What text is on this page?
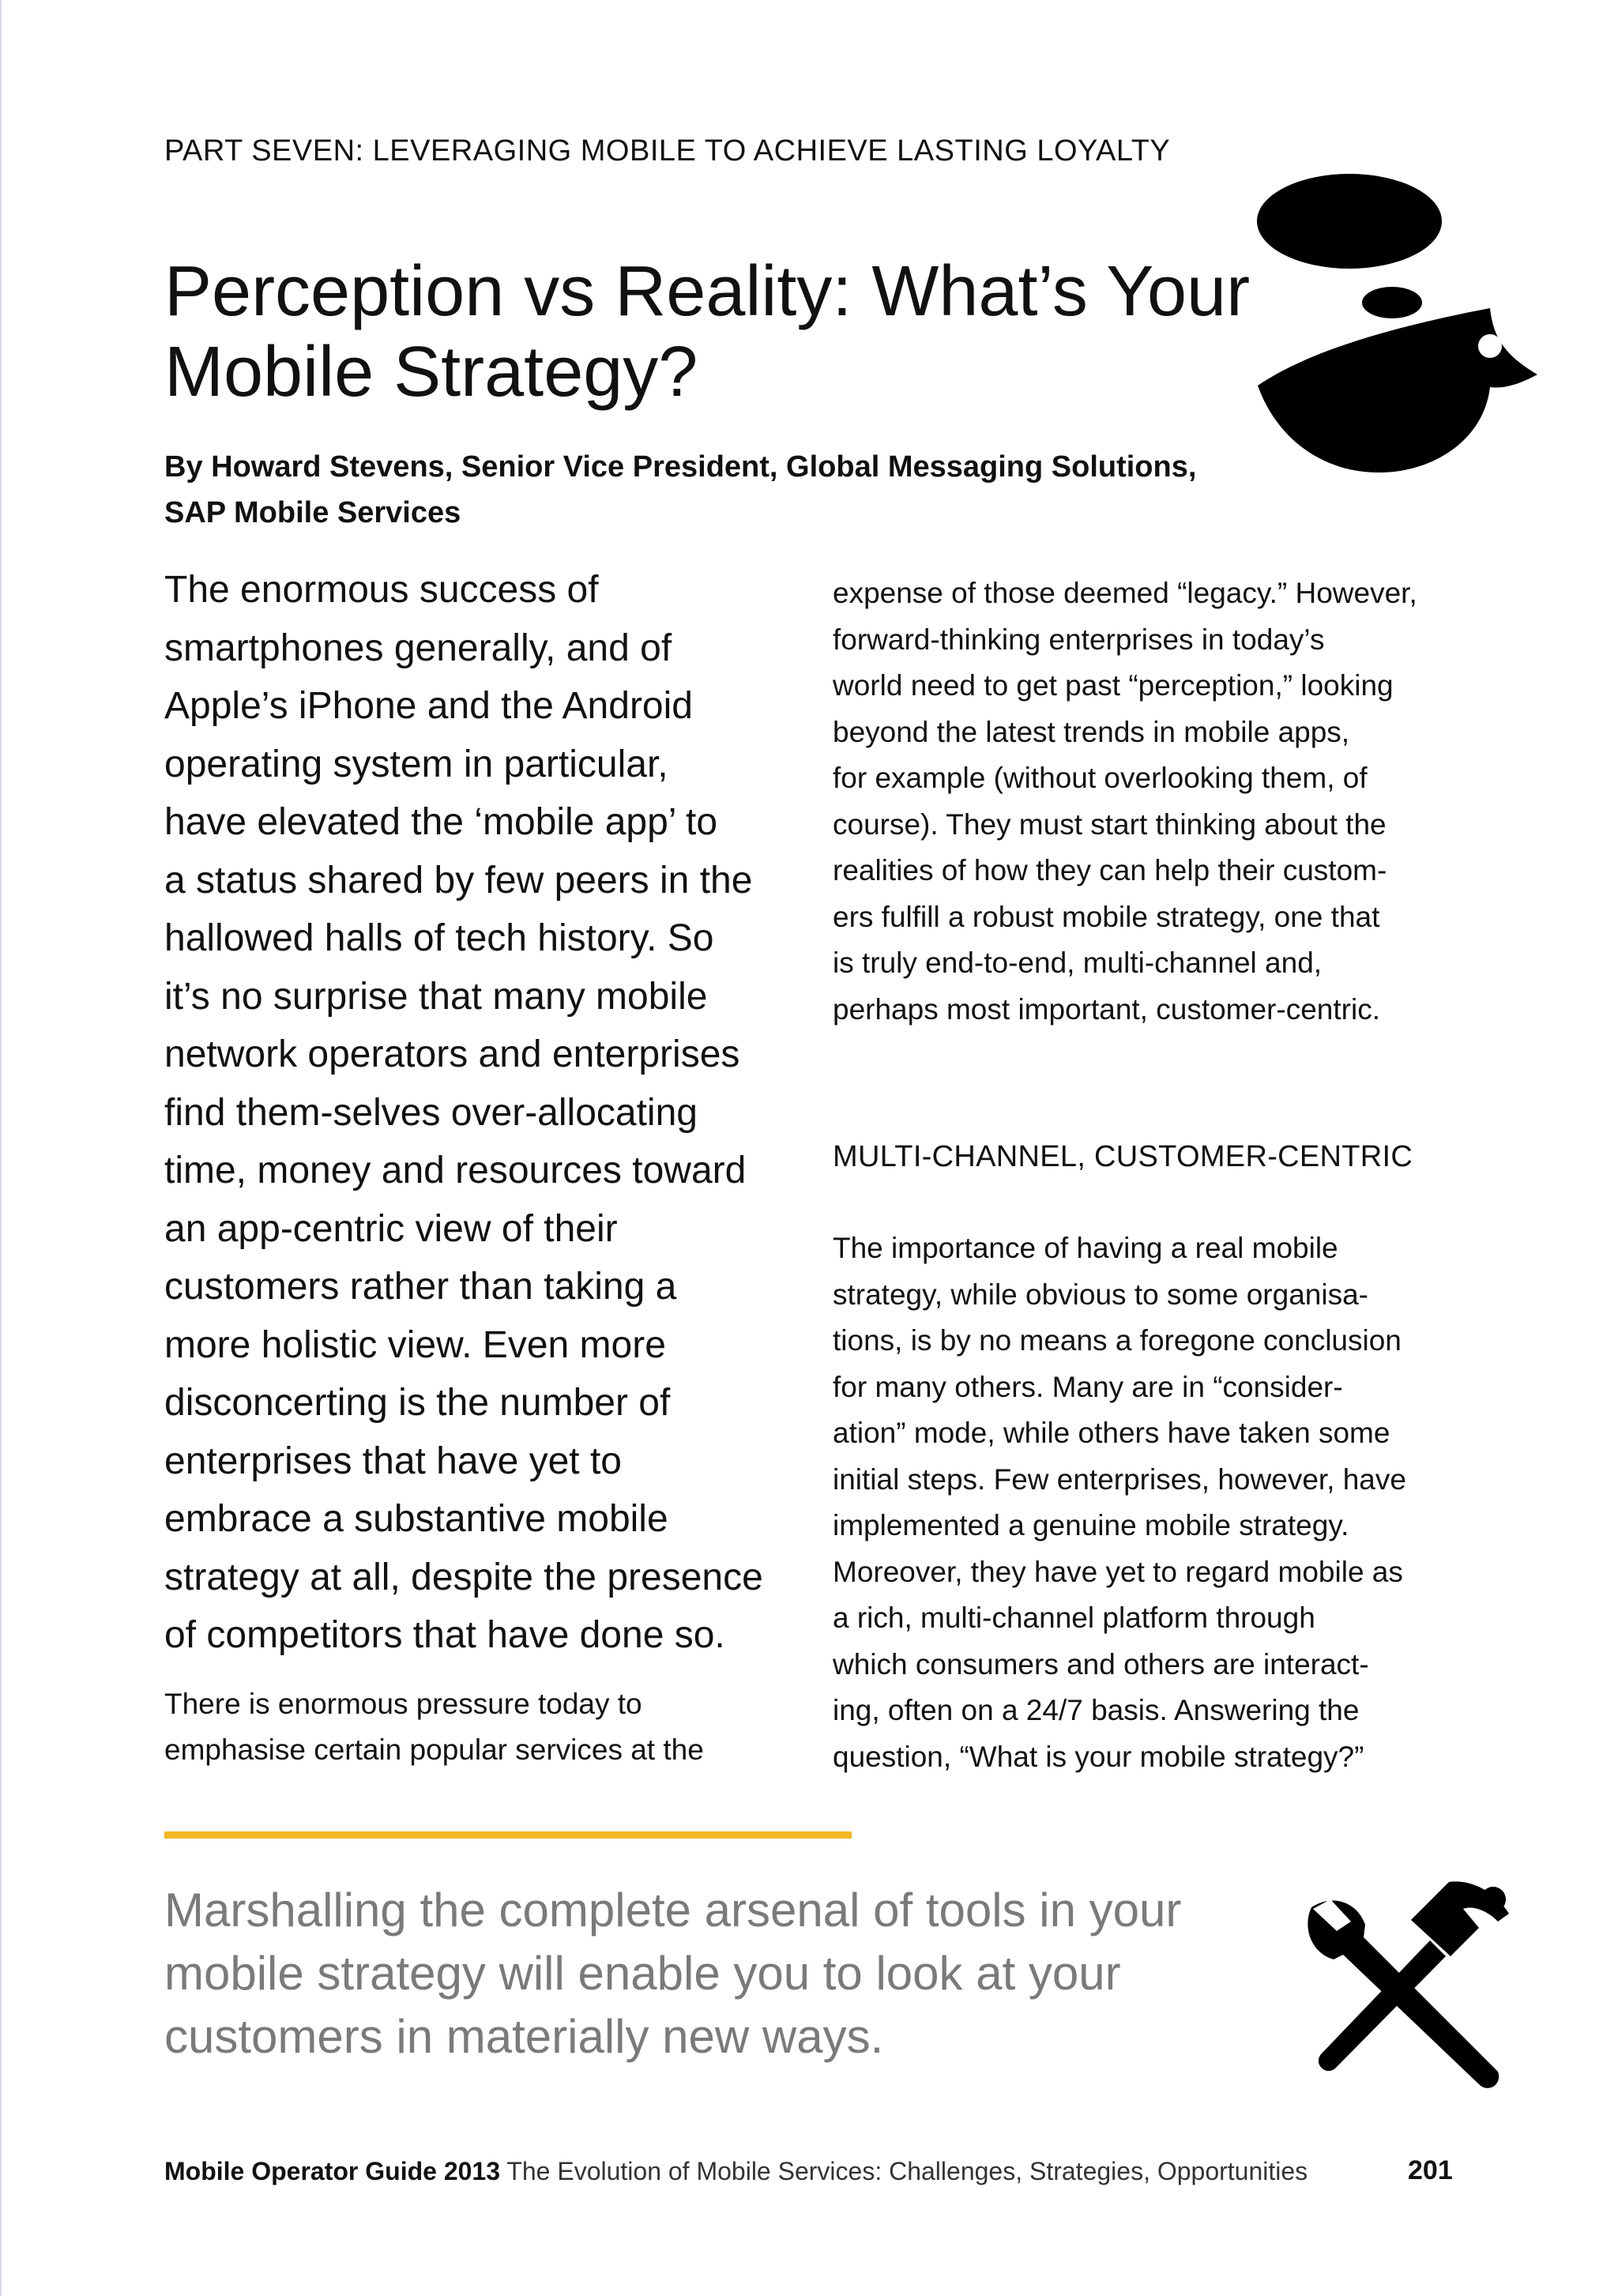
PART SEVEN: LEVERAGING MOBILE TO ACHIEVE LASTING LOYALTY
Perception vs Reality: What’s Your
Mobile Strategy?
By Howard Stevens, Senior Vice President, Global Messaging Solutions,
SAP Mobile Services
The enormous success of
smartphones generally, and of
Apple’s iPhone and the Android
operating system in particular,
have elevated the ‘mobile app’ to
a status shared by few peers in the
hallowed halls of tech history. So
it’s no surprise that many mobile
network operators and enterprises
find them-selves over-allocating
time, money and resources toward
an app-centric view of their
customers rather than taking a
more holistic view. Even more
disconcerting is the number of
enterprises that have yet to
embrace a substantive mobile
strategy at all, despite the presence
of competitors that have done so.
There is enormous pressure today to
emphasise certain popular services at the

expense of those deemed “legacy.” However,
forward-thinking enterprises in today’s
world need to get past “perception,” looking
beyond the latest trends in mobile apps,
for example (without overlooking them, of
course). They must start thinking about the
realities of how they can help their custom-
ers fulfill a robust mobile strategy, one that
is truly end-to-end, multi-channel and,
perhaps most important, customer-centric.

MULTI-CHANNEL, CUSTOMER-CENTRIC

The importance of having a real mobile
strategy, while obvious to some organisa-
tions, is by no means a foregone conclusion
for many others. Many are in “consider-
ation” mode, while others have taken some
initial steps. Few enterprises, however, have
implemented a genuine mobile strategy.
Moreover, they have yet to regard mobile as
a rich, multi-channel platform through
which consumers and others are interact-
ing, often on a 24/7 basis. Answering the
question, “What is your mobile strategy?”

Marshalling the complete arsenal of tools in your
mobile strategy will enable you to look at your
customers in materially new ways.
Mobile Operator Guide 2013 The Evolution of Mobile Services: Challenges, Strategies, Opportunities	201
